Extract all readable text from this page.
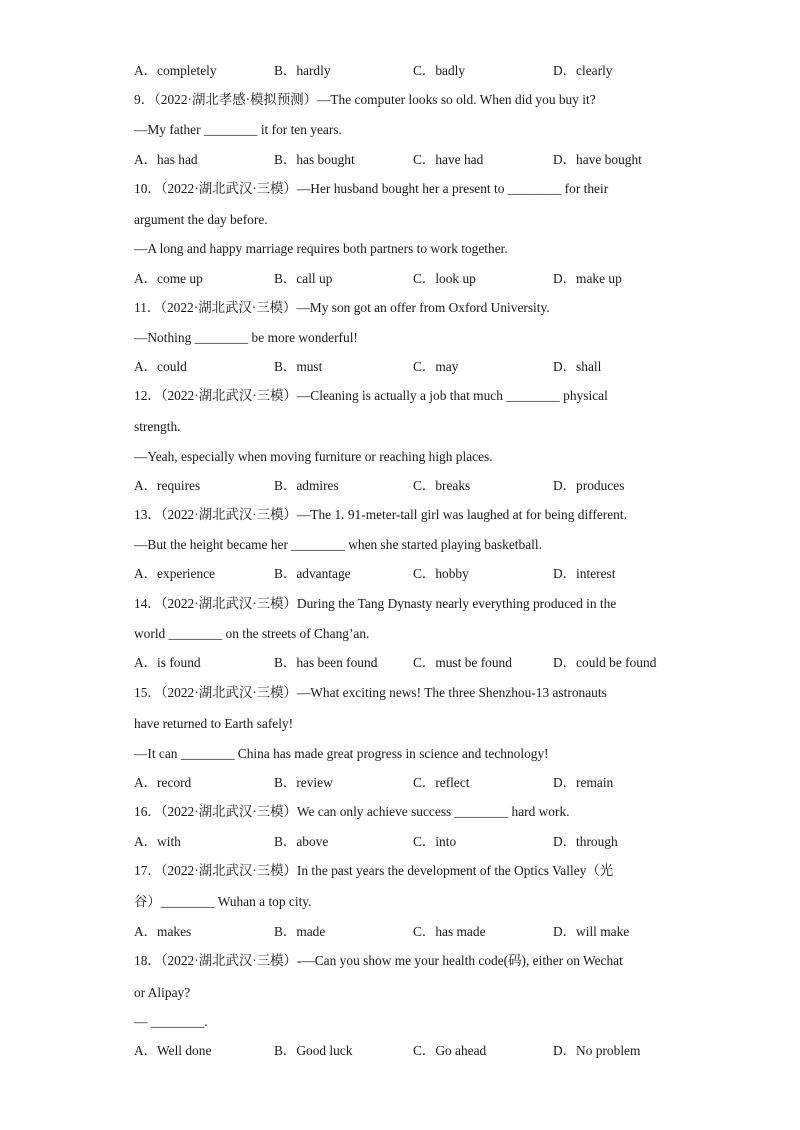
A．completely	B．hardly	C．badly	D．clearly
9．（2022·湖北孝感·模拟预测）—The computer looks so old. When did you buy it?
—My father ________ it for ten years.
A．has had	B．has bought	C．have had	D．have bought
10．（2022·湖北武汉·三模）—Her husband bought her a present to ________ for their
argument the day before.
—A long and happy marriage requires both partners to work together.
A．come up	B．call up	C．look up	D．make up
11．（2022·湖北武汉·三模）—My son got an offer from Oxford University.
—Nothing ________ be more wonderful!
A．could	B．must	C．may	D．shall
12．（2022·湖北武汉·三模）—Cleaning is actually a job that much ________ physical
strength.
—Yeah, especially when moving furniture or reaching high places.
A．requires	B．admires	C．breaks	D．produces
13．（2022·湖北武汉·三模）—The 1. 91-meter-tall girl was laughed at for being different.
—But the height became her ________ when she started playing basketball.
A．experience	B．advantage	C．hobby	D．interest
14．（2022·湖北武汉·三模）During the Tang Dynasty nearly everything produced in the
world ________ on the streets of Chang’an.
A．is found	B．has been found	C．must be found	D．could be found
15．（2022·湖北武汉·三模）—What exciting news! The three Shenzhou-13 astronauts
have returned to Earth safely!
—It can ________ China has made great progress in science and technology!
A．record	B．review	C．reflect	D．remain
16．（2022·湖北武汉·三模）We can only achieve success ________ hard work.
A．with	B．above	C．into	D．through
17．（2022·湖北武汉·三模）In the past years the development of the Optics Valley（光
谷）________ Wuhan a top city.
A．makes	B．made	C．has made	D．will make
18．（2022·湖北武汉·三模）-—Can you show me your health code(码), either on Wechat
or Alipay?
— ________.
A．Well done	B．Good luck	C．Go ahead	D．No problem
